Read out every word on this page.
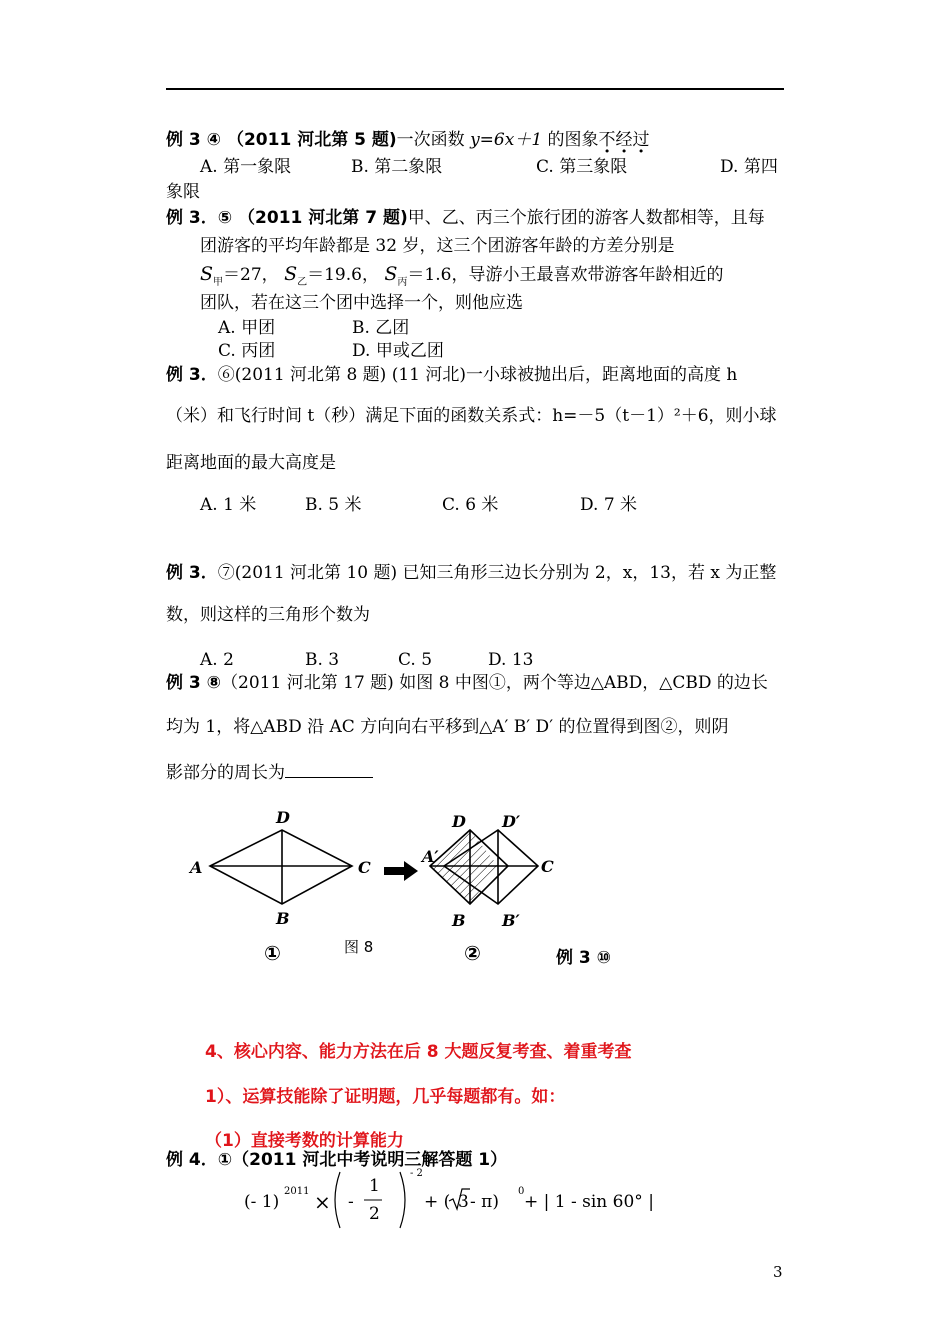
例 3 ④ （2011 河北第 5 题)一次函数 y=6x＋1 的图象不经过
A. 第一象限	B. 第二象限	C. 第三象限	D. 第四
象限
例 3．⑤ （2011 河北第 7 题)甲、乙、丙三个旅行团的游客人数都相等，且每
团游客的平均年龄都是 32 岁，这三个团游客年龄的方差分别是
$S_甲=27$， $S_乙=19.6$， $S_丙=1.6$，导游小王最喜欢带游客年龄相近的
团队，若在这三个团中选择一个，则他应选
A. 甲团	B. 乙团
C. 丙团	D. 甲或乙团
例 3．⑥(2011 河北第 8 题) (11 河北)一小球被抛出后，距离地面的高度 h
（米）和飞行时间 t（秒）满足下面的函数关系式：h=－5（t－1）²＋6，则小球
距离地面的最大高度是
A. 1 米	B. 5 米	C. 6 米	D. 7 米
例 3．⑦(2011 河北第 10 题) 已知三角形三边长分别为 2，x，13，若 x 为正整
数，则这样的三角形个数为
A. 2	B. 3	C. 5	D. 13
例 3 ⑧（2011 河北第 17 题) 如图 8 中图①，两个等边△ABD，△CBD 的边长
均为 1，将△ABD 沿 AC 方向向右平移到△A′ B′ D′ 的位置得到图②，则阴
影部分的周长为
A
D
C
B
D D′
A′
C
B B′
①	图 8	②	例 3 ⑩
4、核心内容、能力方法在后 8 大题反复考查、着重考查
1）、运算技能除了证明题，几乎每题都有。如：
（1）直接考数的计算能力
例 4．①（2011 河北中考说明三解答题 1）
(- 1)
2011 × -
1
2
- 2
+ ( 3 - π)
0
+ | 1 - sin 60° |
3
